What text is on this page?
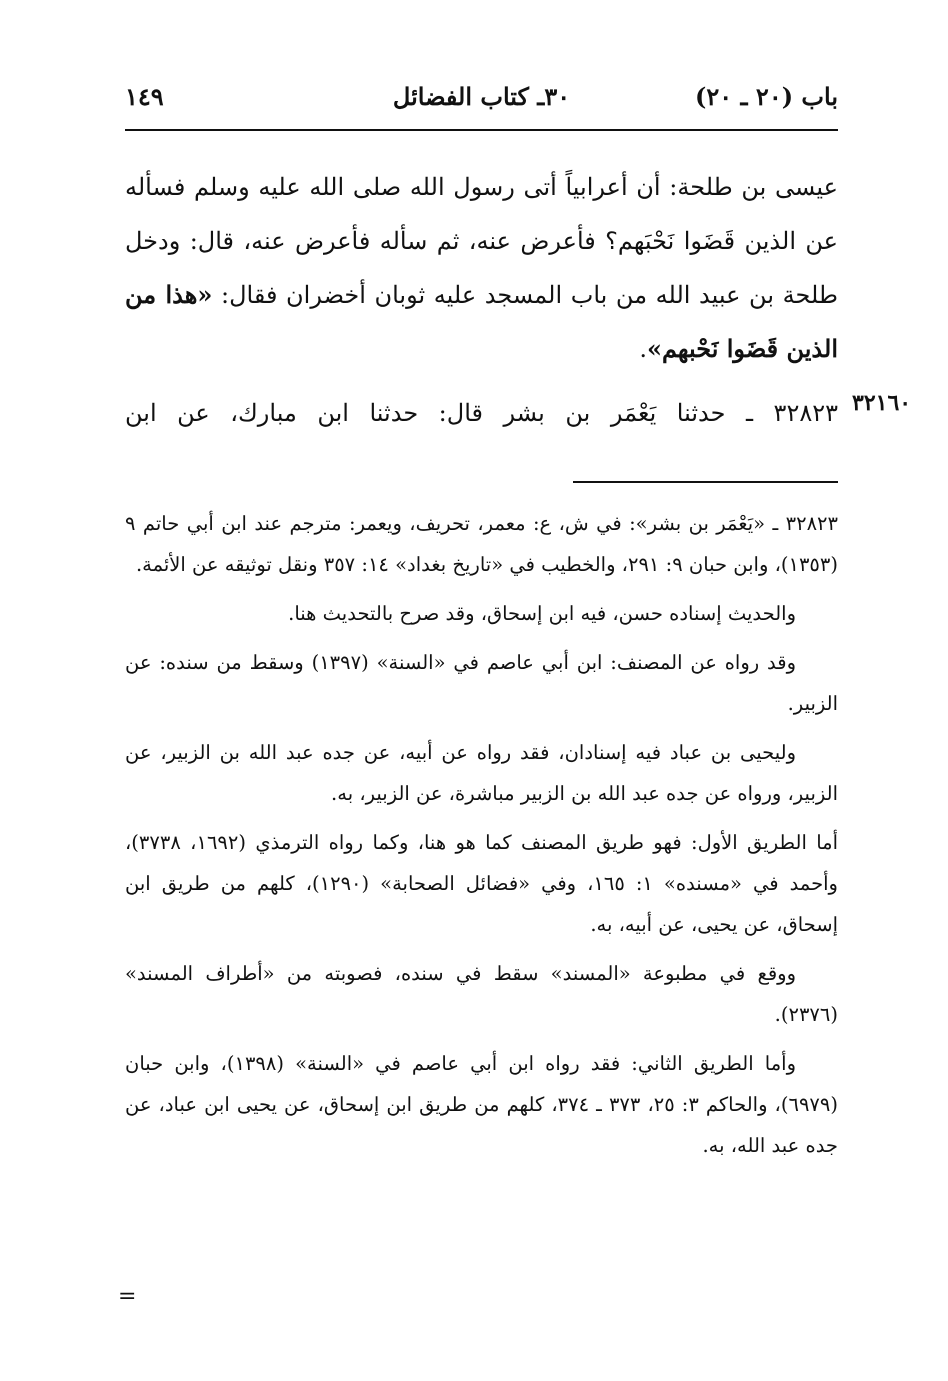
باب (٢٠ ـ ٢٠)
٣٠ـ كتاب الفضائل
١٤٩

عيسى بن طلحة: أن أعرابياً أتى رسول الله صلى الله عليه وسلم فسأله عن الذين قَضَوا نَحْبَهم؟ فأعرض عنه، ثم سأله فأعرض عنه، قال: ودخل طلحة بن عبيد الله من باب المسجد عليه ثوبان أخضران فقال: «هذا من الذين قَضَوا نَحْبهم».

٣٢١٦٠

٣٢٨٢٣ ـ حدثنا يَعْمَر بن بشر قال: حدثنا ابن مبارك، عن ابن

٣٢٨٢٣ ـ «يَعْمَر بن بشر»: في ش، ع: معمر، تحريف، ويعمر: مترجم عند ابن أبي حاتم ٩ (١٣٥٣)، وابن حبان ٩: ٢٩١، والخطيب في «تاريخ بغداد» ١٤: ٣٥٧ ونقل توثيقه عن الأئمة.

والحديث إسناده حسن، فيه ابن إسحاق، وقد صرح بالتحديث هنا.

وقد رواه عن المصنف: ابن أبي عاصم في «السنة» (١٣٩٧) وسقط من سنده: عن الزبير.

وليحيى بن عباد فيه إسنادان، فقد رواه عن أبيه، عن جده عبد الله بن الزبير، عن الزبير، ورواه عن جده عبد الله بن الزبير مباشرة، عن الزبير، به.

أما الطريق الأول: فهو طريق المصنف كما هو هنا، وكما رواه الترمذي (١٦٩٢، ٣٧٣٨)، وأحمد في «مسنده» ١: ١٦٥، وفي «فضائل الصحابة» (١٢٩٠)، كلهم من طريق ابن إسحاق، عن يحيى، عن أبيه، به.

ووقع في مطبوعة «المسند» سقط في سنده، فصوبته من «أطراف المسند» (٢٣٧٦).

وأما الطريق الثاني: فقد رواه ابن أبي عاصم في «السنة» (١٣٩٨)، وابن حبان (٦٩٧٩)، والحاكم ٣: ٢٥، ٣٧٣ ـ ٣٧٤، كلهم من طريق ابن إسحاق، عن يحيى ابن عباد، عن جده عبد الله، به.

=
